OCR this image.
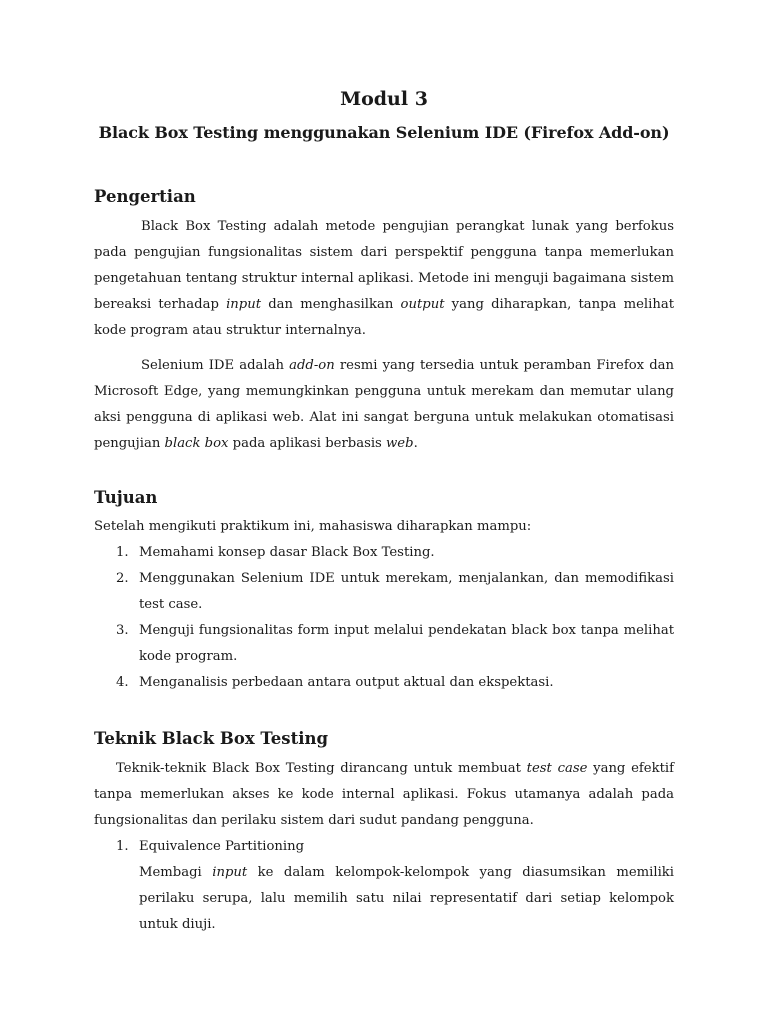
Modul 3
Black Box Testing menggunakan Selenium IDE (Firefox Add-on)
Pengertian

Black Box Testing adalah metode pengujian perangkat lunak yang berfokus pada pengujian fungsionalitas sistem dari perspektif pengguna tanpa memerlukan pengetahuan tentang struktur internal aplikasi. Metode ini menguji bagaimana sistem bereaksi terhadap input dan menghasilkan output yang diharapkan, tanpa melihat kode program atau struktur internalnya.

Selenium IDE adalah add-on resmi yang tersedia untuk peramban Firefox dan Microsoft Edge, yang memungkinkan pengguna untuk merekam dan memutar ulang aksi pengguna di aplikasi web. Alat ini sangat berguna untuk melakukan otomatisasi pengujian black box pada aplikasi berbasis web.

Tujuan

Setelah mengikuti praktikum ini, mahasiswa diharapkan mampu:

1. Memahami konsep dasar Black Box Testing.
2. Menggunakan Selenium IDE untuk merekam, menjalankan, dan memodifikasi test case.
3. Menguji fungsionalitas form input melalui pendekatan black box tanpa melihat kode program.
4. Menganalisis perbedaan antara output aktual dan ekspektasi.
Teknik Black Box Testing

Teknik-teknik Black Box Testing dirancang untuk membuat test case yang efektif tanpa memerlukan akses ke kode internal aplikasi. Fokus utamanya adalah pada fungsionalitas dan perilaku sistem dari sudut pandang pengguna.

1. Equivalence Partitioning

Membagi input ke dalam kelompok-kelompok yang diasumsikan memiliki perilaku serupa, lalu memilih satu nilai representatif dari setiap kelompok untuk diuji.
